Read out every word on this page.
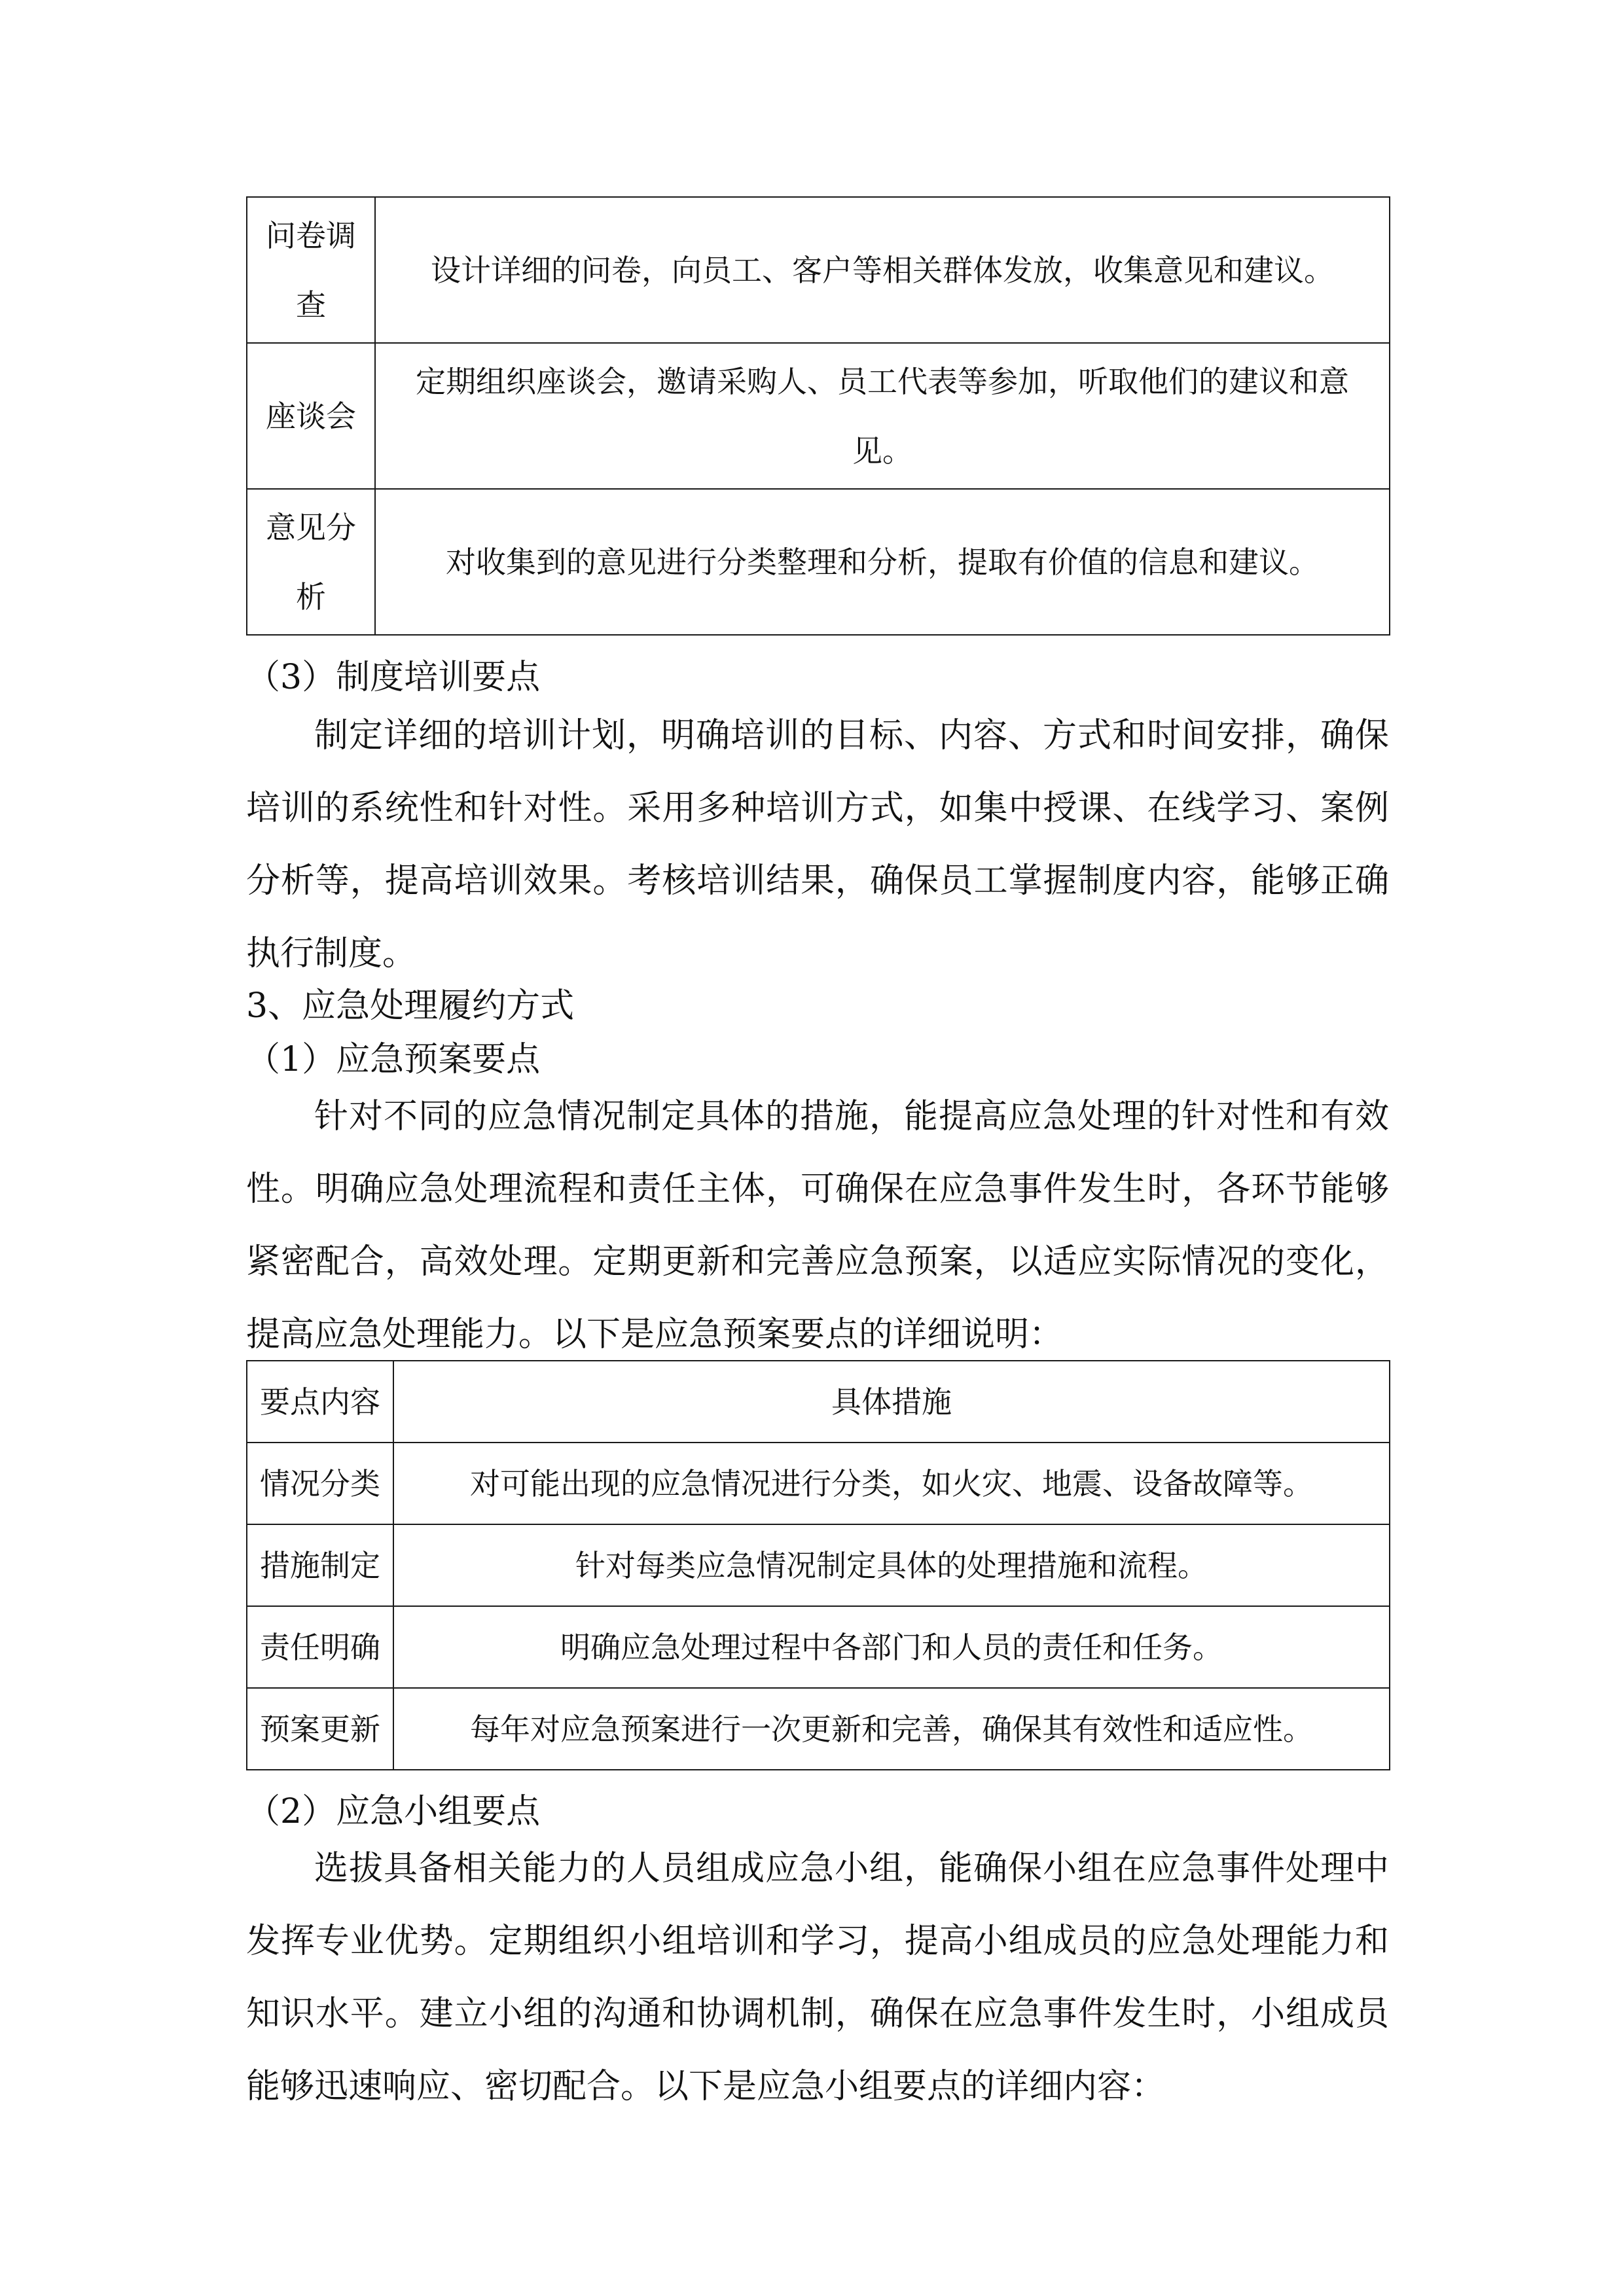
问卷调查	设计详细的问卷，向员工、客户等相关群体发放，收集意见和建议。
座谈会	定期组织座谈会，邀请采购人、员工代表等参加，听取他们的建议和意见。
意见分析	对收集到的意见进行分类整理和分析，提取有价值的信息和建议。

（3）制度培训要点

制定详细的培训计划，明确培训的目标、内容、方式和时间安排，确保培训的系统性和针对性。采用多种培训方式，如集中授课、在线学习、案例分析等，提高培训效果。考核培训结果，确保员工掌握制度内容，能够正确执行制度。

3、应急处理履约方式

（1）应急预案要点

针对不同的应急情况制定具体的措施，能提高应急处理的针对性和有效性。明确应急处理流程和责任主体，可确保在应急事件发生时，各环节能够紧密配合，高效处理。定期更新和完善应急预案，以适应实际情况的变化，提高应急处理能力。以下是应急预案要点的详细说明：

要点内容	具体措施
情况分类	对可能出现的应急情况进行分类，如火灾、地震、设备故障等。
措施制定	针对每类应急情况制定具体的处理措施和流程。
责任明确	明确应急处理过程中各部门和人员的责任和任务。
预案更新	每年对应急预案进行一次更新和完善，确保其有效性和适应性。

（2）应急小组要点

选拔具备相关能力的人员组成应急小组，能确保小组在应急事件处理中发挥专业优势。定期组织小组培训和学习，提高小组成员的应急处理能力和知识水平。建立小组的沟通和协调机制，确保在应急事件发生时，小组成员能够迅速响应、密切配合。以下是应急小组要点的详细内容：
